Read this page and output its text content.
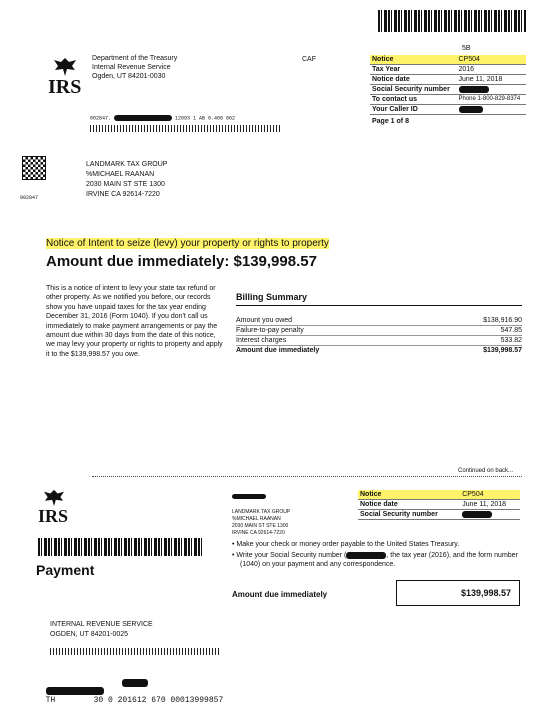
5B
IRS
Department of the Treasury
Internal Revenue Service
Ogden, UT 84201-0030
CAF	Notice	CP504
Tax Year	2016
Notice date	June 11, 2018
Social Security number	
To contact us	Phone 1-800-829-8374
Your Caller ID	
Page 1 of 8
002847.	12093 1 AB 0.408 862
002847
LANDMARK TAX GROUP
%MICHAEL RAANAN
2030 MAIN ST STE 1300
IRVINE CA 92614-7220
Notice of Intent to seize (levy) your property or rights to property
Amount due immediately: $139,998.57
This is a notice of intent to levy your state tax refund or other property. As we notified you before, our records show you have unpaid taxes for the tax year ending December 31, 2016 (Form 1040). If you don't call us immediately to make payment arrangements or pay the amount due within 30 days from the date of this notice, we may levy your property or rights to property and apply it to the $139,998.57 you owe.
Billing Summary
Amount you owed	$138,916.90
Failure-to-pay penalty	547.85
Interest charges	533.82
Amount due immediately	$139,998.57
Continued on back...
IRS
Payment
LANDMARK TAX GROUP
%MICHAEL RAANAN
2030 MAIN ST STE 1300
IRVINE CA 92614-7220
Notice	CP504
Notice date	June 11, 2018
Social Security number	
• Make your check or money order payable to the United States Treasury.
• Write your Social Security number (	, the tax year (2016), and the form number (1040) on your payment and any correspondence.
Amount due immediately	$139,998.57
INTERNAL REVENUE SERVICE
OGDEN, UT 84201-0025

TH        30 0 201612 670 00013999857
